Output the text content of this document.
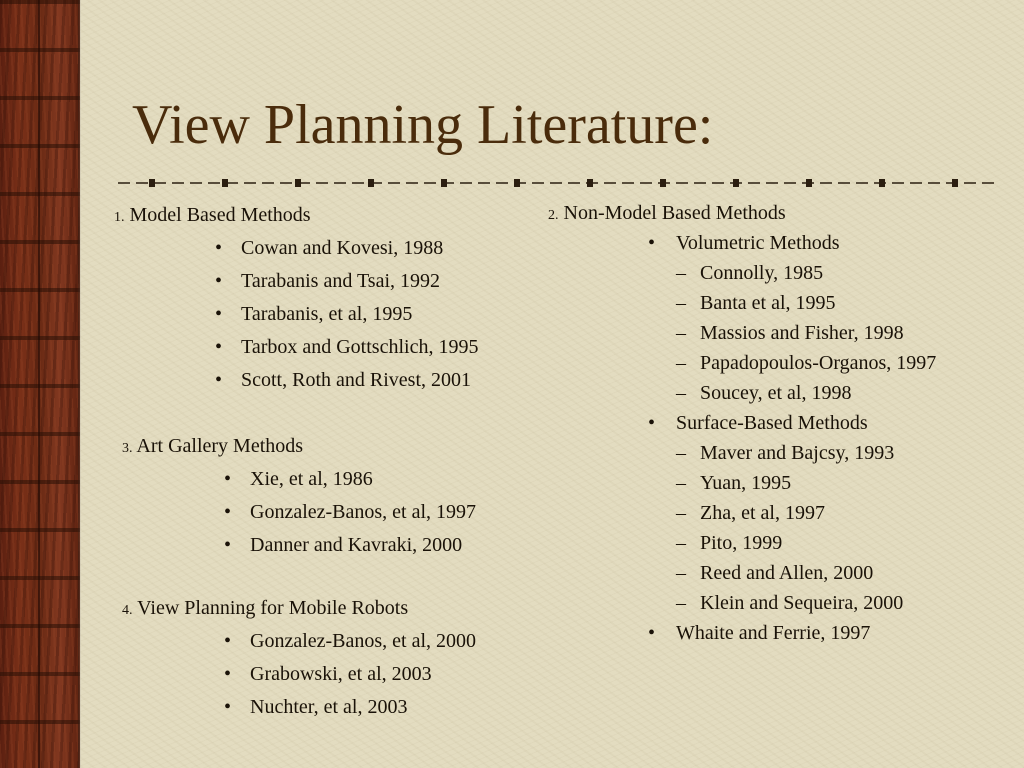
View Planning Literature:
1. Model Based Methods
• Cowan and Kovesi, 1988
• Tarabanis and Tsai, 1992
• Tarabanis, et al, 1995
• Tarbox and Gottschlich, 1995
• Scott, Roth and Rivest, 2001
3. Art Gallery Methods
• Xie, et al, 1986
• Gonzalez-Banos, et al, 1997
• Danner and Kavraki, 2000
4. View Planning for Mobile Robots
• Gonzalez-Banos, et al, 2000
• Grabowski, et al, 2003
• Nuchter, et al, 2003
2. Non-Model Based Methods
• Volumetric Methods
– Connolly, 1985
– Banta et al, 1995
– Massios and Fisher, 1998
– Papadopoulos-Organos, 1997
– Soucey, et al, 1998
• Surface-Based Methods
– Maver and Bajcsy, 1993
– Yuan, 1995
– Zha, et al, 1997
– Pito, 1999
– Reed and Allen, 2000
– Klein and Sequeira, 2000
• Whaite and Ferrie, 1997
